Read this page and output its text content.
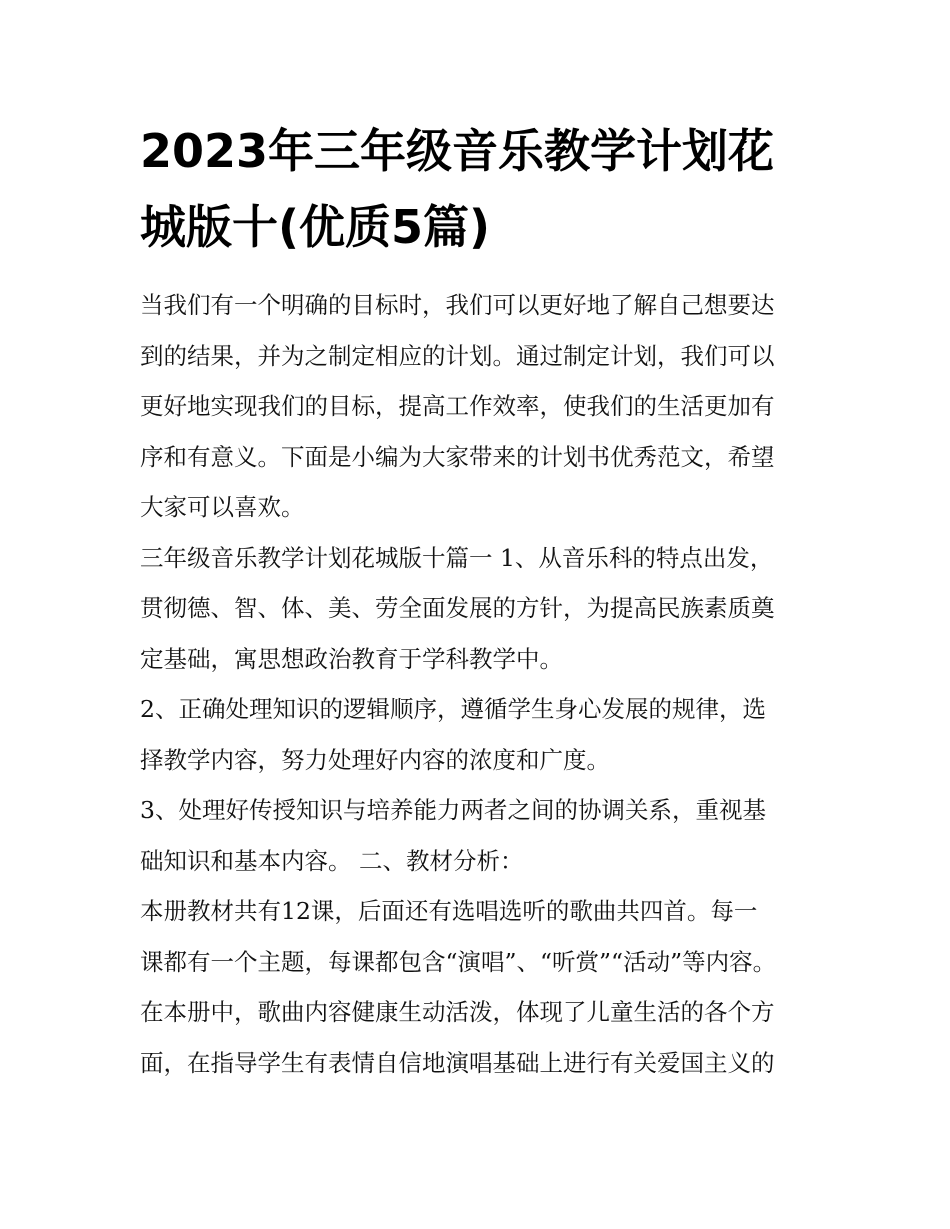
2023年三年级音乐教学计划花
城版十(优质5篇)
当我们有一个明确的目标时，我们可以更好地了解自己想要达
到的结果，并为之制定相应的计划。通过制定计划，我们可以
更好地实现我们的目标，提高工作效率，使我们的生活更加有
序和有意义。下面是小编为大家带来的计划书优秀范文，希望
大家可以喜欢。
三年级音乐教学计划花城版十篇一 1、从音乐科的特点出发，
贯彻德、智、体、美、劳全面发展的方针，为提高民族素质奠
定基础，寓思想政治教育于学科教学中。
2、正确处理知识的逻辑顺序，遵循学生身心发展的规律，选
择教学内容，努力处理好内容的浓度和广度。
3、处理好传授知识与培养能力两者之间的协调关系，重视基
础知识和基本内容。 二、教材分析：
本册教材共有12课，后面还有选唱选听的歌曲共四首。每一
课都有一个主题，每课都包含“演唱”、“听赏”“活动”等内容。
在本册中，歌曲内容健康生动活泼，体现了儿童生活的各个方
面，在指导学生有表情自信地演唱基础上进行有关爱国主义的
